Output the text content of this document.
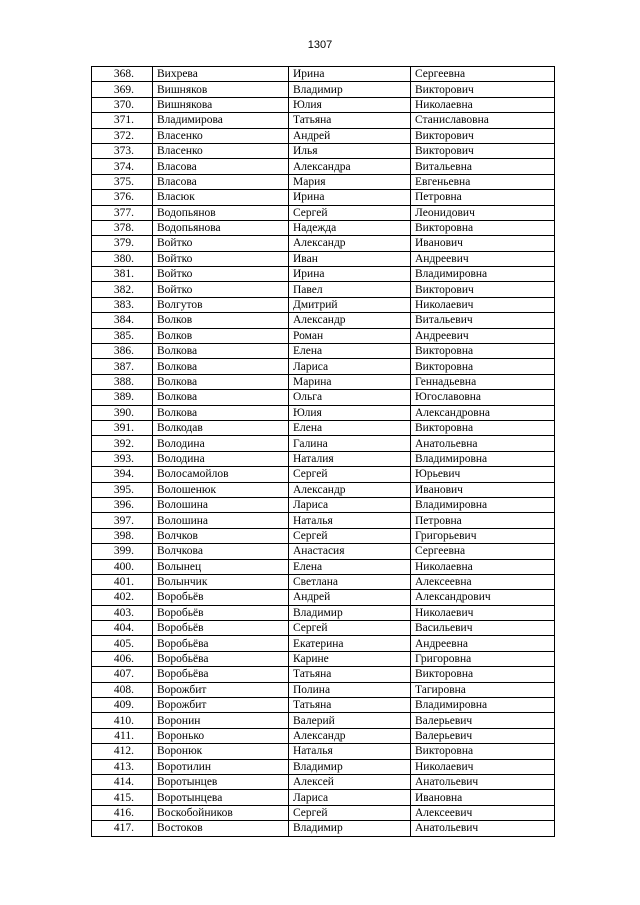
1307
368.	Вихрева	Ирина	Сергеевна
369.	Вишняков	Владимир	Викторович
370.	Вишнякова	Юлия	Николаевна
371.	Владимирова	Татьяна	Станиславовна
372.	Власенко	Андрей	Викторович
373.	Власенко	Илья	Викторович
374.	Власова	Александра	Витальевна
375.	Власова	Мария	Евгеньевна
376.	Власюк	Ирина	Петровна
377.	Водопьянов	Сергей	Леонидович
378.	Водопьянова	Надежда	Викторовна
379.	Войтко	Александр	Иванович
380.	Войтко	Иван	Андреевич
381.	Войтко	Ирина	Владимировна
382.	Войтко	Павел	Викторович
383.	Волгутов	Дмитрий	Николаевич
384.	Волков	Александр	Витальевич
385.	Волков	Роман	Андреевич
386.	Волкова	Елена	Викторовна
387.	Волкова	Лариса	Викторовна
388.	Волкова	Марина	Геннадьевна
389.	Волкова	Ольга	Югославовна
390.	Волкова	Юлия	Александровна
391.	Волкодав	Елена	Викторовна
392.	Володина	Галина	Анатольевна
393.	Володина	Наталия	Владимировна
394.	Волосамойлов	Сергей	Юрьевич
395.	Волошенюк	Александр	Иванович
396.	Волошина	Лариса	Владимировна
397.	Волошина	Наталья	Петровна
398.	Волчков	Сергей	Григорьевич
399.	Волчкова	Анастасия	Сергеевна
400.	Волынец	Елена	Николаевна
401.	Волынчик	Светлана	Алексеевна
402.	Воробьёв	Андрей	Александрович
403.	Воробьёв	Владимир	Николаевич
404.	Воробьёв	Сергей	Васильевич
405.	Воробьёва	Екатерина	Андреевна
406.	Воробьёва	Карине	Григоровна
407.	Воробьёва	Татьяна	Викторовна
408.	Ворожбит	Полина	Тагировна
409.	Ворожбит	Татьяна	Владимировна
410.	Воронин	Валерий	Валерьевич
411.	Воронько	Александр	Валерьевич
412.	Воронюк	Наталья	Викторовна
413.	Воротилин	Владимир	Николаевич
414.	Воротынцев	Алексей	Анатольевич
415.	Воротынцева	Лариса	Ивановна
416.	Воскобойников	Сергей	Алексеевич
417.	Востоков	Владимир	Анатольевич
